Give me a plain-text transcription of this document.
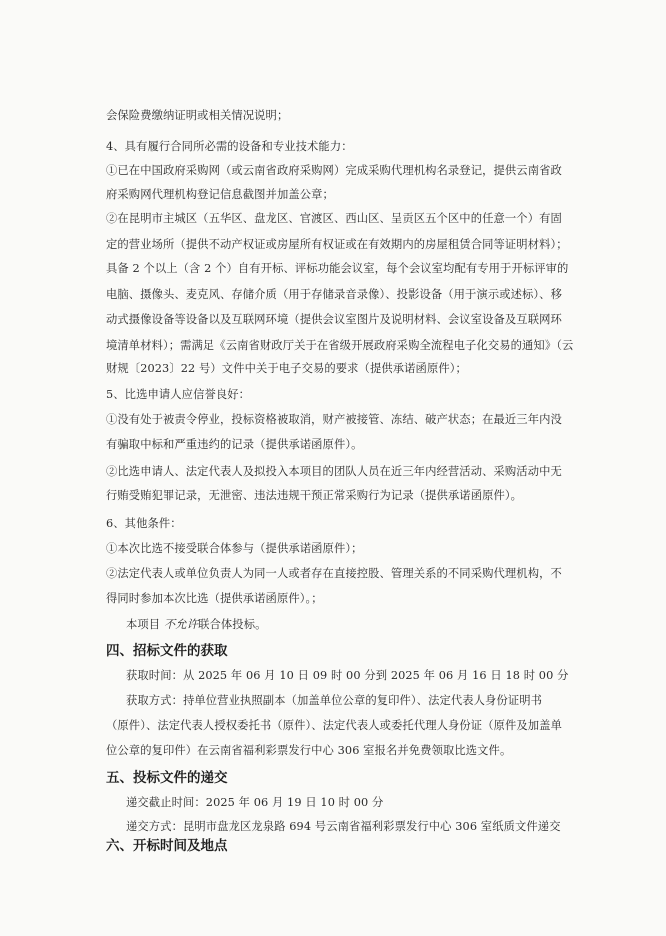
会保险费缴纳证明或相关情况说明；
4、具有履行合同所必需的设备和专业技术能力：
①已在中国政府采购网（或云南省政府采购网）完成采购代理机构名录登记，提供云南省政
府采购网代理机构登记信息截图并加盖公章；
②在昆明市主城区（五华区、盘龙区、官渡区、西山区、呈贡区五个区中的任意一个）有固
定的营业场所（提供不动产权证或房屋所有权证或在有效期内的房屋租赁合同等证明材料）；
具备 2 个以上（含 2 个）自有开标、评标功能会议室，每个会议室均配有专用于开标评审的
电脑、摄像头、麦克风、存储介质（用于存储录音录像）、投影设备（用于演示或述标）、移
动式摄像设备等设备以及互联网环境（提供会议室图片及说明材料、会议室设备及互联网环
境清单材料）；需满足《云南省财政厅关于在省级开展政府采购全流程电子化交易的通知》（云
财规〔2023〕22 号）文件中关于电子交易的要求（提供承诺函原件）；
5、比选申请人应信誉良好：
①没有处于被责令停业，投标资格被取消，财产被接管、冻结、破产状态；在最近三年内没
有骗取中标和严重违约的记录（提供承诺函原件）。
②比选申请人、法定代表人及拟投入本项目的团队人员在近三年内经营活动、采购活动中无
行贿受贿犯罪记录，无泄密、违法违规干预正常采购行为记录（提供承诺函原件）。
6、其他条件：
①本次比选不接受联合体参与（提供承诺函原件）；
②法定代表人或单位负责人为同一人或者存在直接控股、管理关系的不同采购代理机构，不
得同时参加本次比选（提供承诺函原件）。；
本项目 不允许联合体投标。
四、招标文件的获取
获取时间：从 2025 年 06 月 10 日 09 时 00 分到 2025 年 06 月 16 日 18 时 00 分
获取方式：持单位营业执照副本（加盖单位公章的复印件）、法定代表人身份证明书
（原件）、法定代表人授权委托书（原件）、法定代表人或委托代理人身份证（原件及加盖单
位公章的复印件）在云南省福利彩票发行中心 306 室报名并免费领取比选文件。
五、投标文件的递交
递交截止时间：2025 年 06 月 19 日 10 时 00 分
递交方式：昆明市盘龙区龙泉路 694 号云南省福利彩票发行中心 306 室纸质文件递交
六、开标时间及地点
